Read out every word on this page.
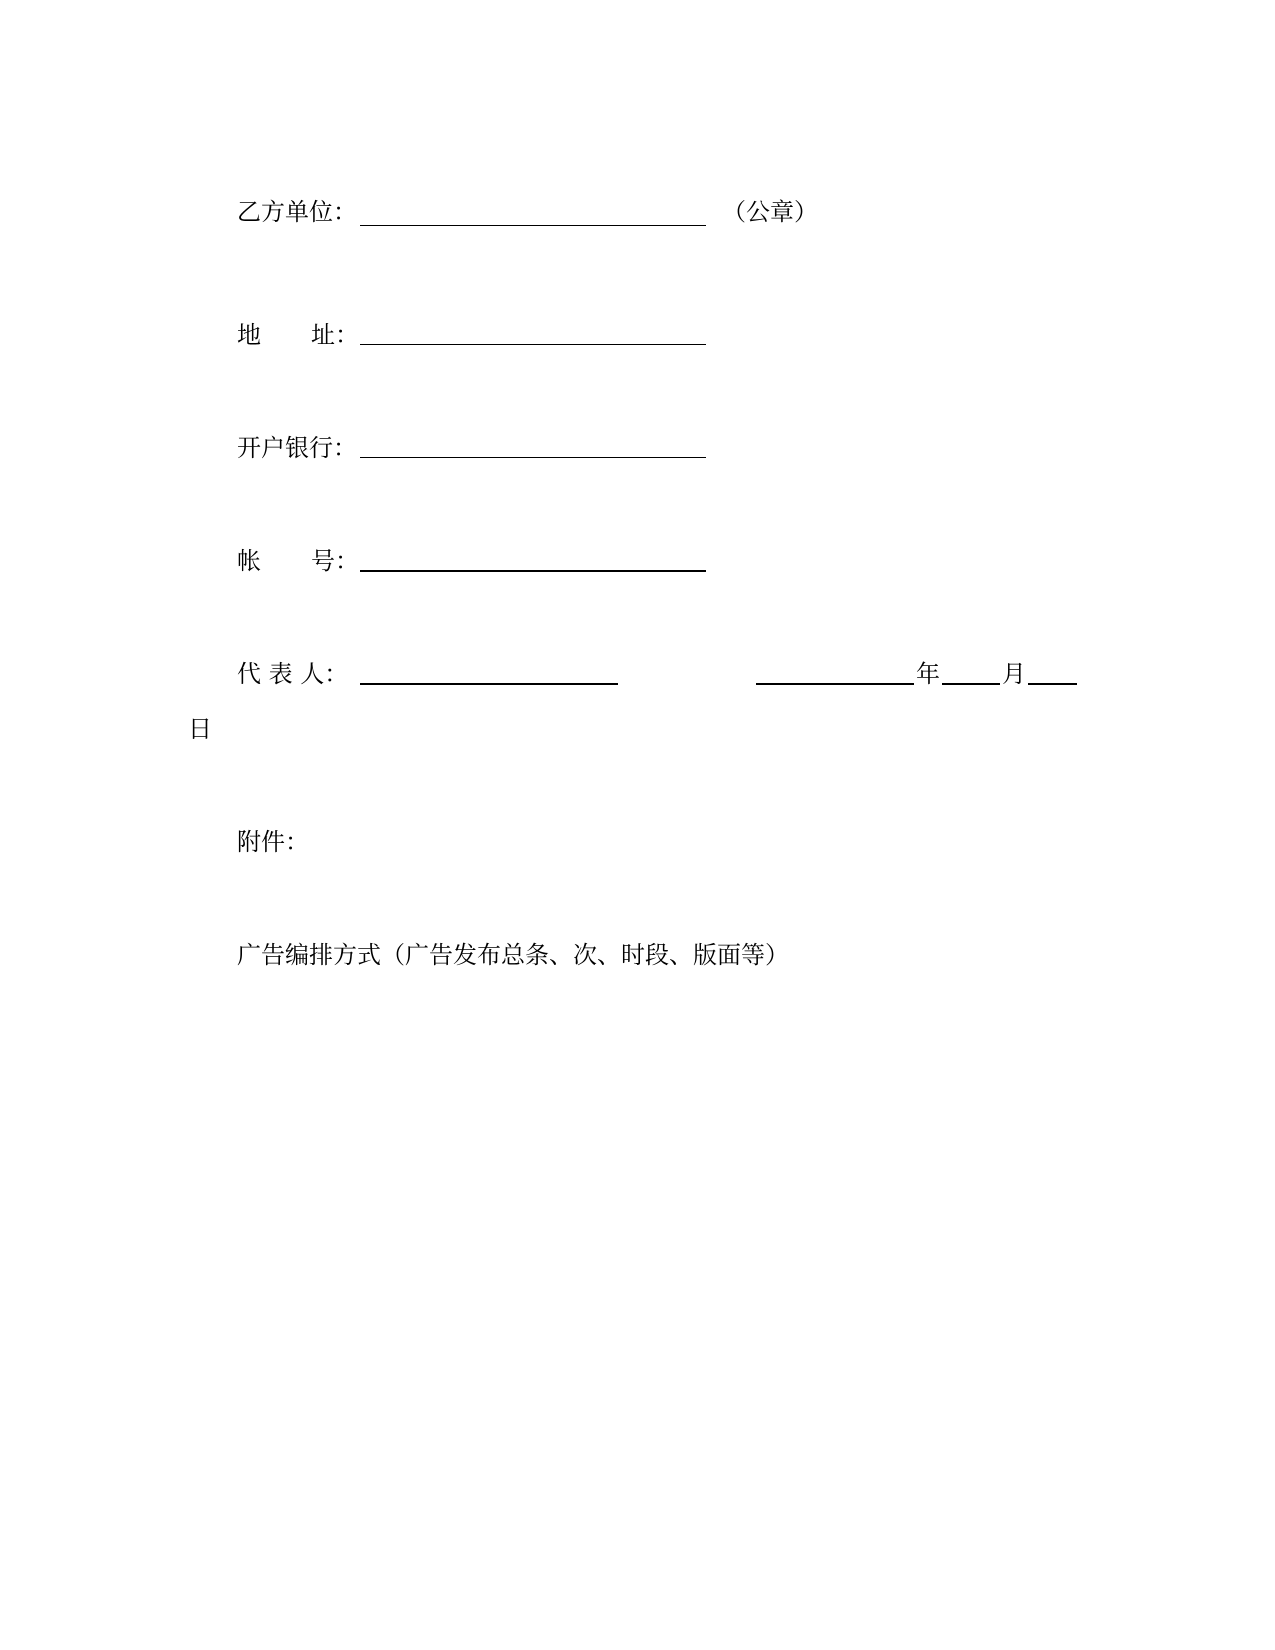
乙方单位：	（公章）
地 址：
开户银行：
帐 号：
代 表 人：	年	月
日
附件：
广告编排方式（广告发布总条、次、时段、版面等）
